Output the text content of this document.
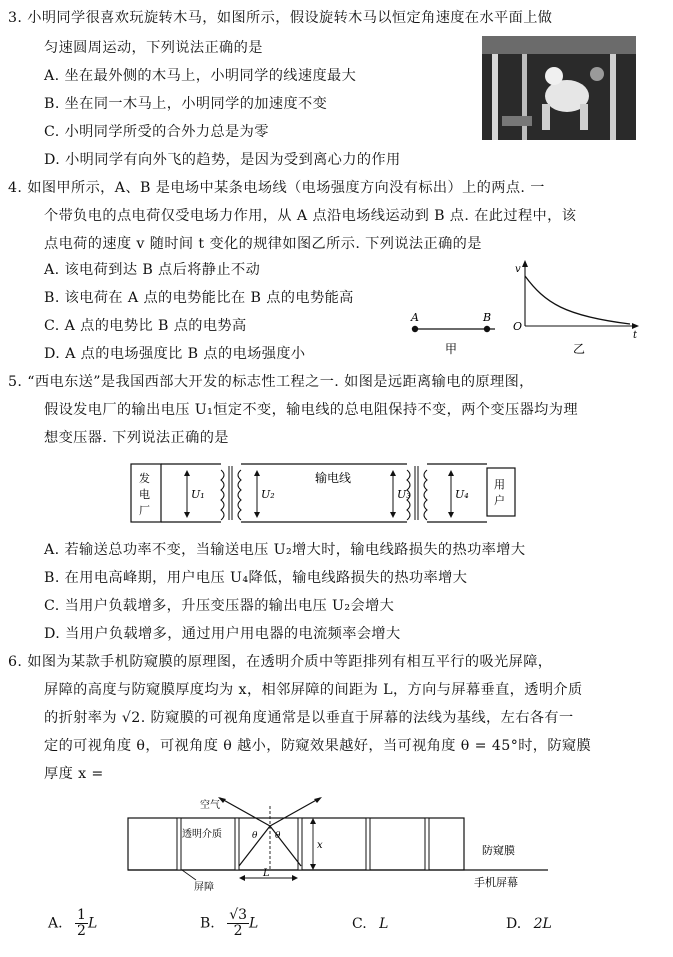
3. 小明同学很喜欢玩旋转木马，如图所示，假设旋转木马以恒定角速度在水平面上做
匀速圆周运动，下列说法正确的是
A. 坐在最外侧的木马上，小明同学的线速度最大
B. 坐在同一木马上，小明同学的加速度不变
C. 小明同学所受的合外力总是为零
D. 小明同学有向外飞的趋势，是因为受到离心力的作用
4. 如图甲所示，A、B 是电场中某条电场线（电场强度方向没有标出）上的两点. 一
个带负电的点电荷仅受电场力作用，从 A 点沿电场线运动到 B 点. 在此过程中，该
点电荷的速度 v 随时间 t 变化的规律如图乙所示. 下列说法正确的是
A. 该电荷到达 B 点后将静止不动
B. 该电荷在 A 点的电势能比在 B 点的电势能高
C. A 点的电势比 B 点的电势高
D. A 点的电场强度比 B 点的电场强度小
A	B
甲
v
t
O
乙
5. “西电东送”是我国西部大开发的标志性工程之一. 如图是远距离输电的原理图，
假设发电厂的输出电压 U₁恒定不变，输电线的总电阻保持不变，两个变压器均为理
想变压器. 下列说法正确的是
发
电
厂
U₁	U₂
输电线
U₃	U₄
用
户
A. 若输送总功率不变，当输送电压 U₂增大时，输电线路损失的热功率增大
B. 在用电高峰期，用户电压 U₄降低，输电线路损失的热功率增大
C. 当用户负载增多，升压变压器的输出电压 U₂会增大
D. 当用户负载增多，通过用户用电器的电流频率会增大
6. 如图为某款手机防窥膜的原理图，在透明介质中等距排列有相互平行的吸光屏障，
屏障的高度与防窥膜厚度均为 x，相邻屏障的间距为 L，方向与屏幕垂直，透明介质
的折射率为 √2. 防窥膜的可视角度通常是以垂直于屏幕的法线为基线，左右各有一
定的可视角度 θ，可视角度 θ 越小，防窥效果越好，当可视角度 θ = 45°时，防窥膜
厚度 x =
空气
透明介质	θ θ
x
L
屏障
防窥膜
手机屏幕
A. $\frac{1}{2}$ L	B. $\frac{√3}{2}$ L	C. L	D. 2L
